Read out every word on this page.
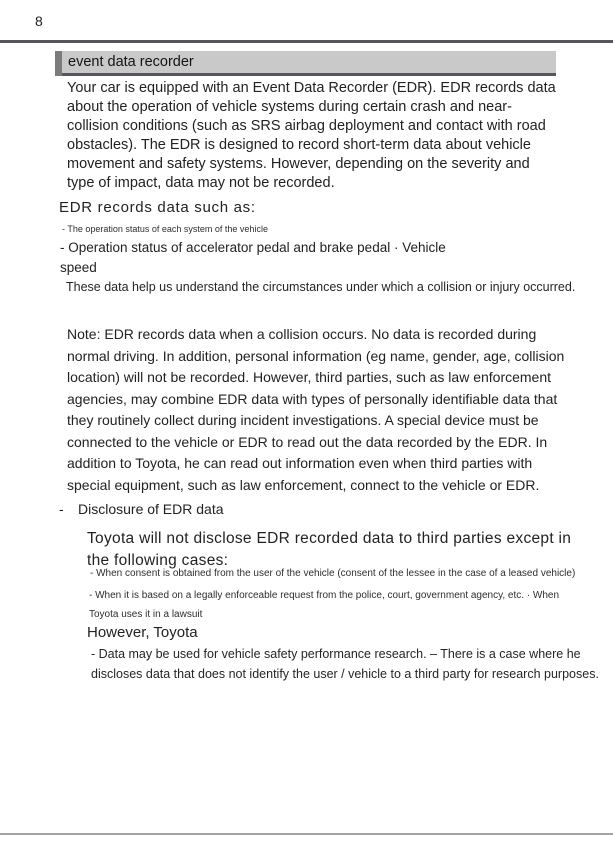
8
event data recorder
Your car is equipped with an Event Data Recorder (EDR). EDR records data about the operation of vehicle systems during certain crash and near-collision conditions (such as SRS airbag deployment and contact with road obstacles). The EDR is designed to record short-term data about vehicle movement and safety systems. However, depending on the severity and type of impact, data may not be recorded.
EDR records data such as:
- The operation status of each system of the vehicle
- Operation status of accelerator pedal and brake pedal · Vehicle speed
These data help us understand the circumstances under which a collision or injury occurred.
Note: EDR records data when a collision occurs. No data is recorded during normal driving. In addition, personal information (eg name, gender, age, collision location) will not be recorded. However, third parties, such as law enforcement agencies, may combine EDR data with types of personally identifiable data that they routinely collect during incident investigations. A special device must be connected to the vehicle or EDR to read out the data recorded by the EDR. In addition to Toyota, he can read out information even when third parties with special equipment, such as law enforcement, connect to the vehicle or EDR.
-	Disclosure of EDR data
Toyota will not disclose EDR recorded data to third parties except in the following cases:
- When consent is obtained from the user of the vehicle (consent of the lessee in the case of a leased vehicle)
- When it is based on a legally enforceable request from the police, court, government agency, etc. · When Toyota uses it in a lawsuit
However, Toyota
- Data may be used for vehicle safety performance research. – There is a case where he discloses data that does not identify the user / vehicle to a third party for research purposes.
